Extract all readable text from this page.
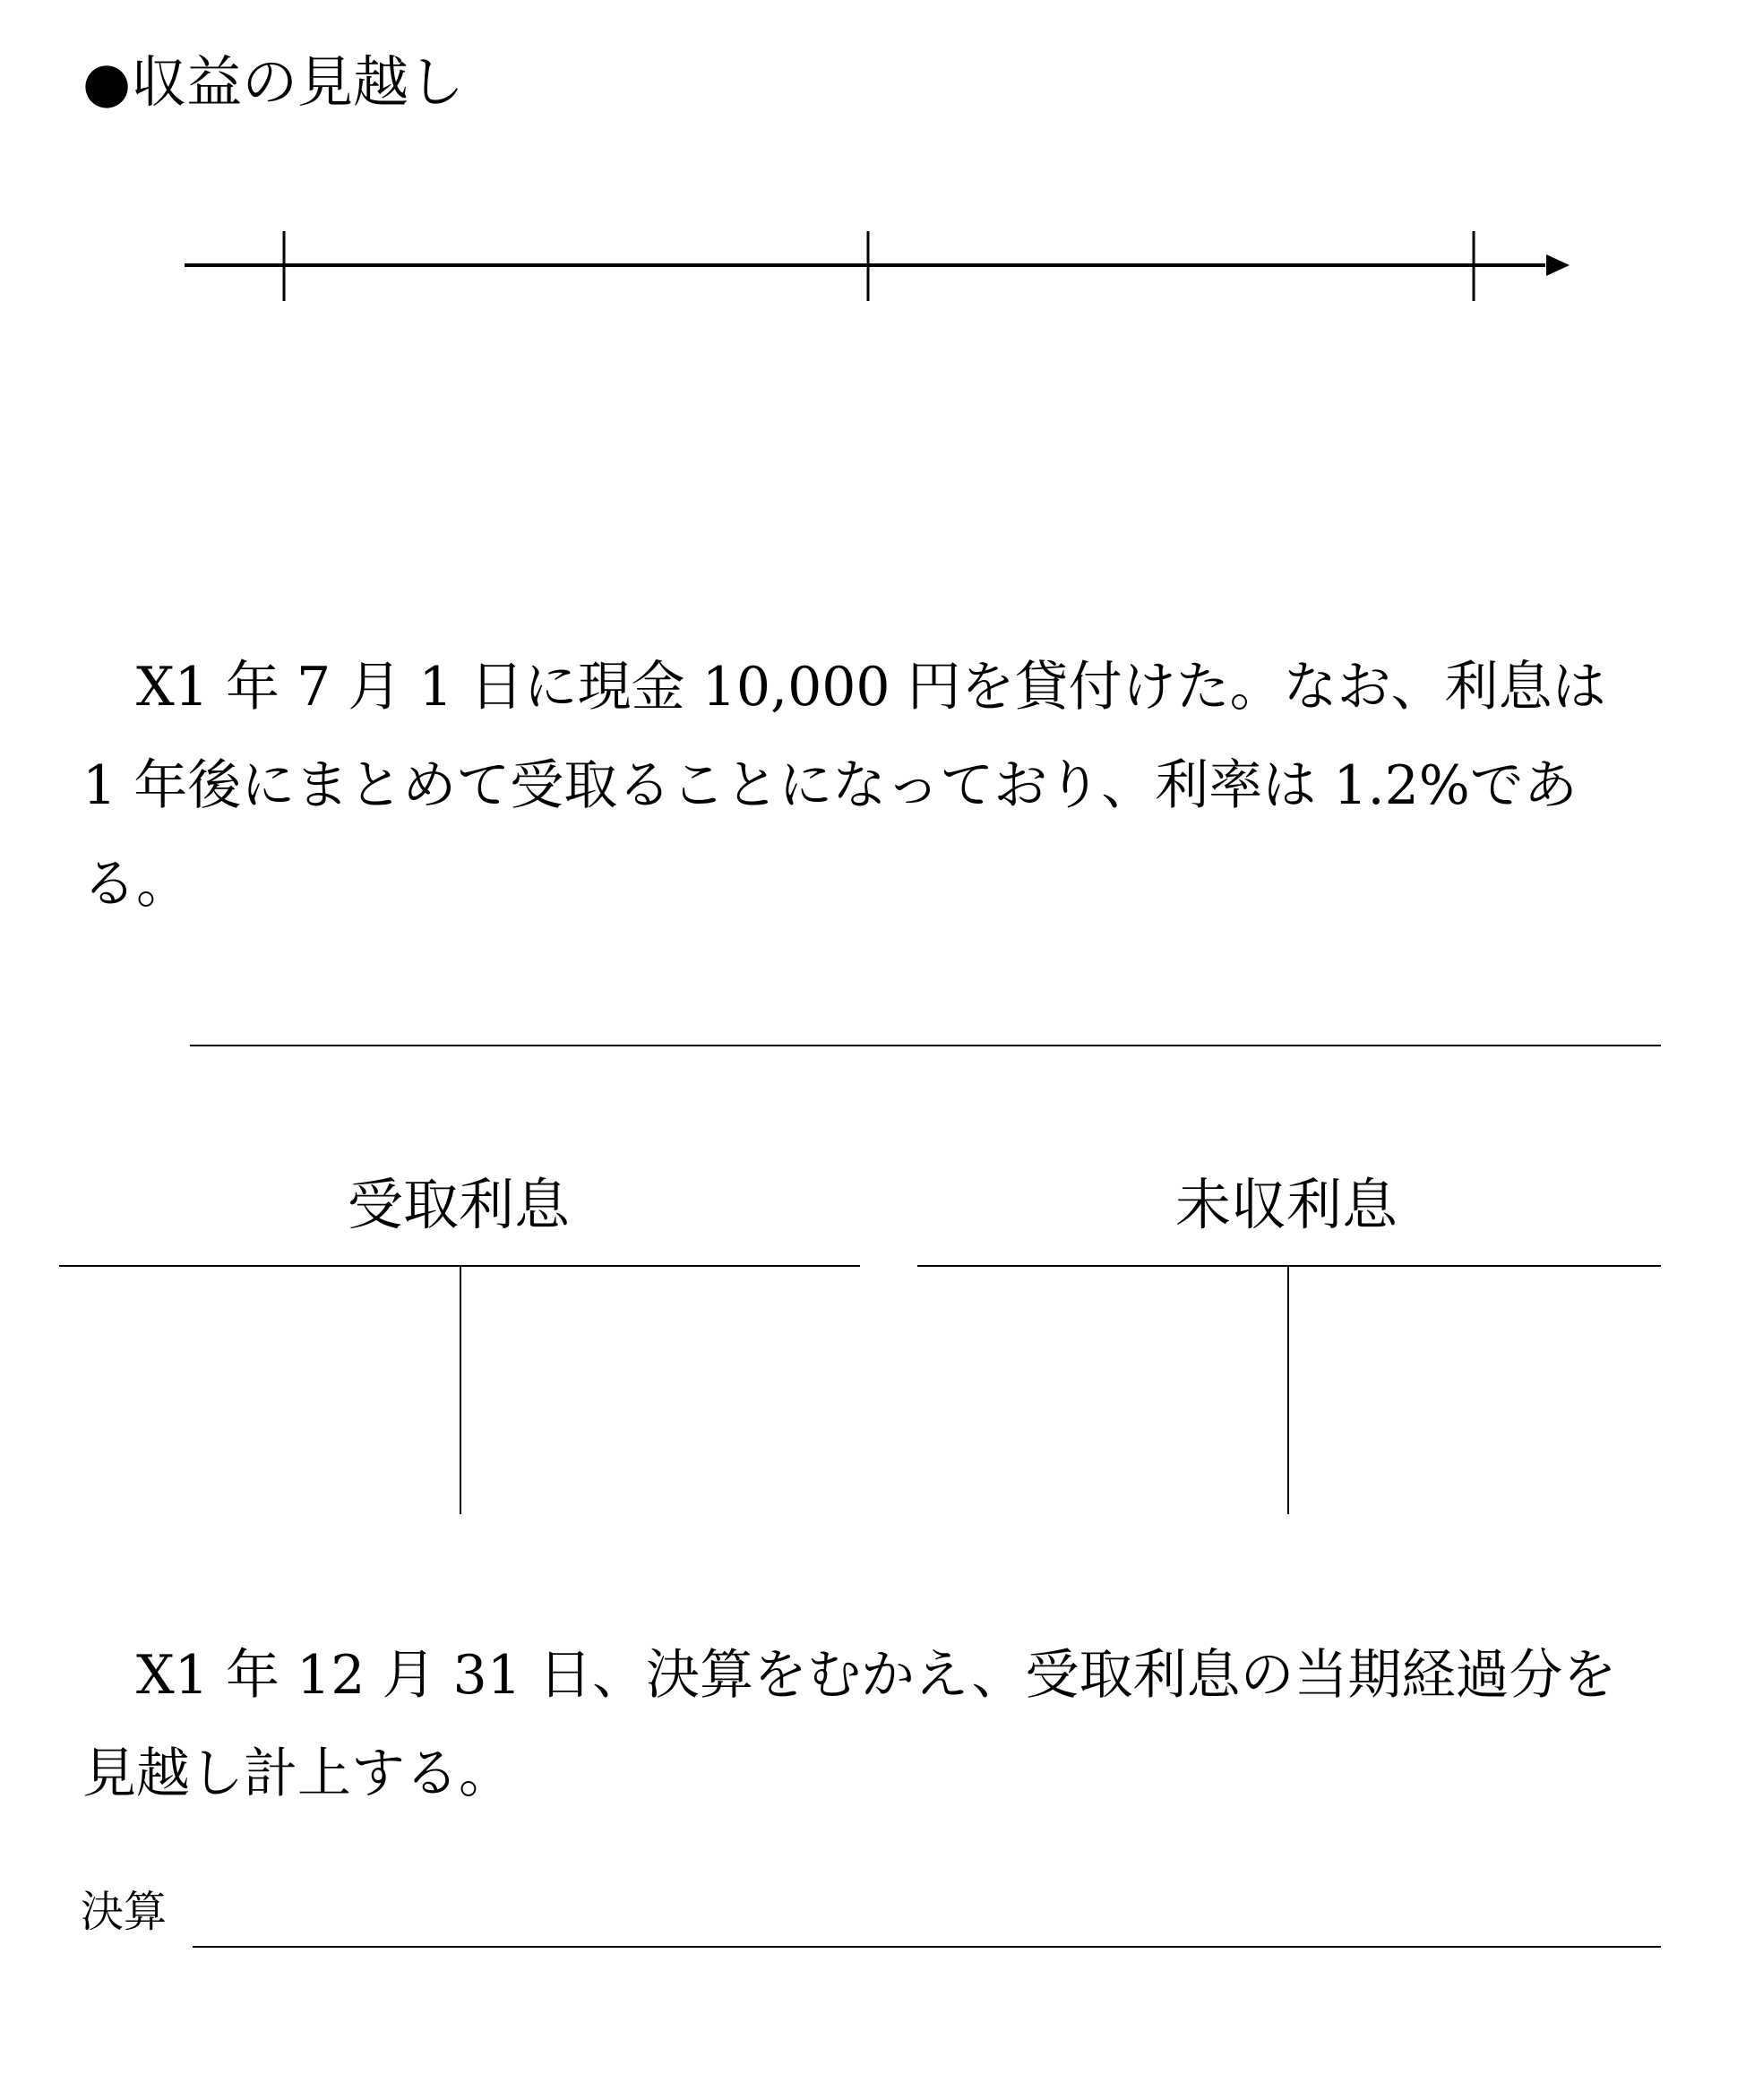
●収益の見越し

X1 年 7 月 1 日に現金 10,000 円を貸付けた。なお、利息は 1 年後にまとめて受取ることになっており、利率は 1.2%である。

受取利息	未収利息

X1 年 12 月 31 日、決算をむかえ、受取利息の当期経過分を見越し計上する。

決算
